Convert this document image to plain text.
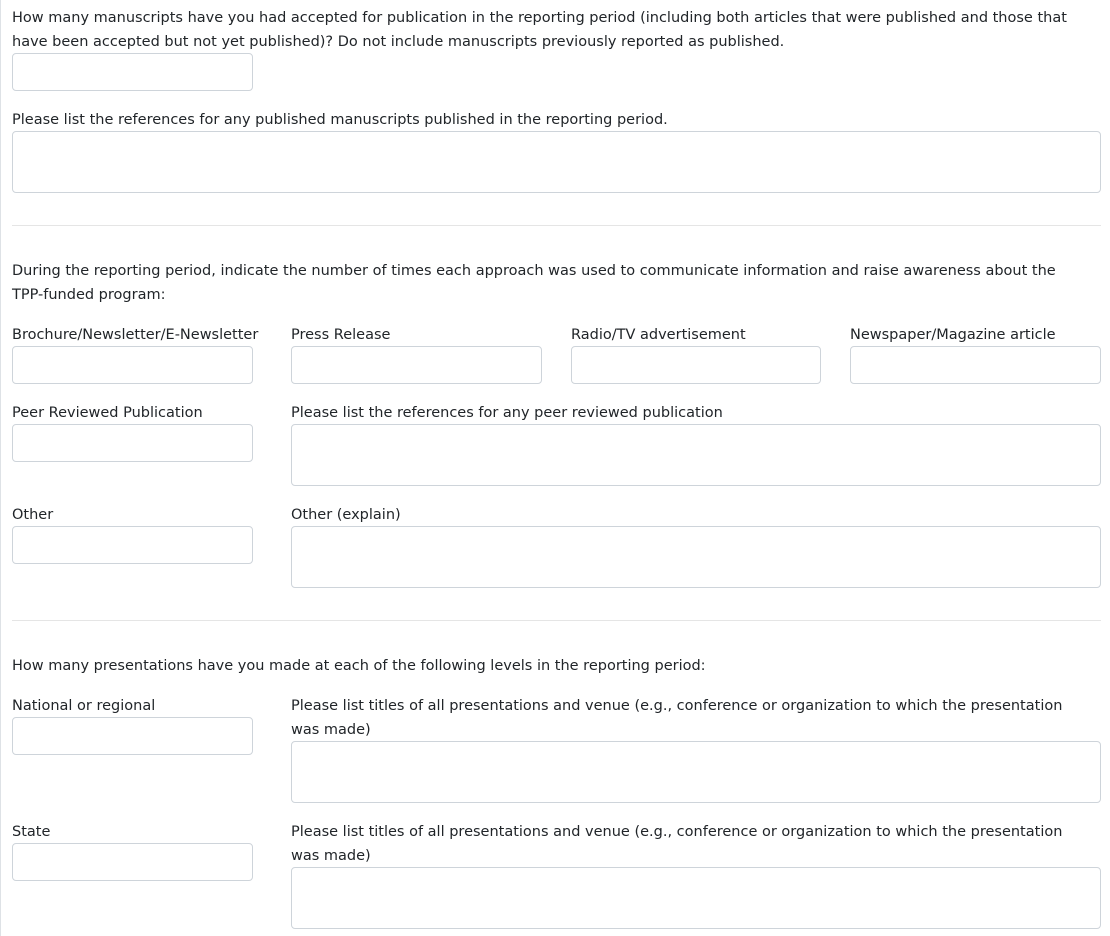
How many manuscripts have you had accepted for publication in the reporting period (including both articles that were published and those that have been accepted but not yet published)? Do not include manuscripts previously reported as published.

Please list the references for any published manuscripts published in the reporting period.

During the reporting period, indicate the number of times each approach was used to communicate information and raise awareness about the TPP-funded program:

Brochure/Newsletter/E-Newsletter	Press Release	Radio/TV advertisement	Newspaper/Magazine article

Peer Reviewed Publication	Please list the references for any peer reviewed publication

Other	Other (explain)

How many presentations have you made at each of the following levels in the reporting period:

National or regional	Please list titles of all presentations and venue (e.g., conference or organization to which the presentation was made)

State	Please list titles of all presentations and venue (e.g., conference or organization to which the presentation was made)
